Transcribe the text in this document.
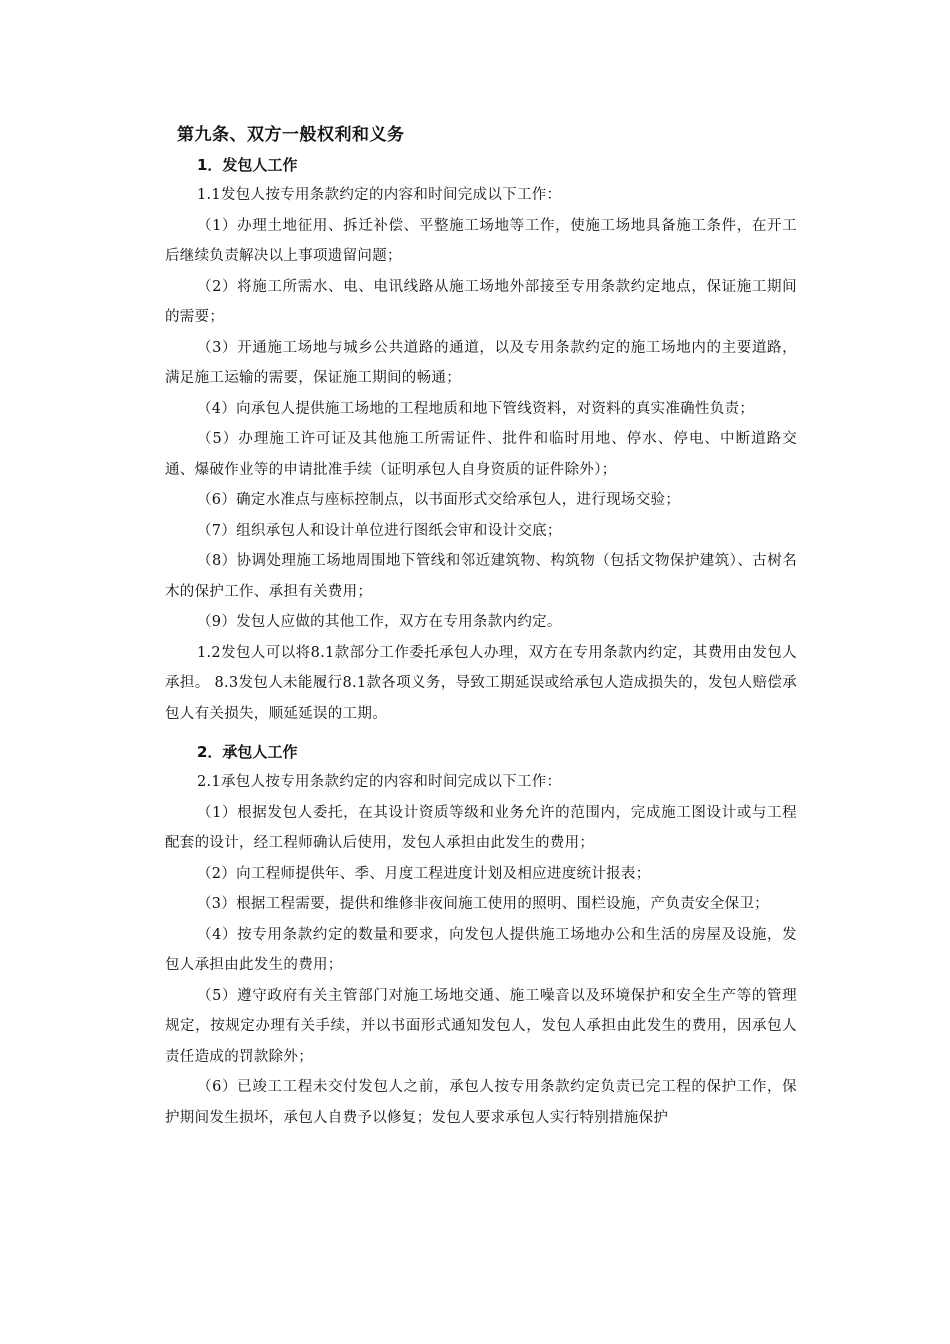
第九条、双方一般权利和义务
1．发包人工作

1.1发包人按专用条款约定的内容和时间完成以下工作：

（1）办理土地征用、拆迁补偿、平整施工场地等工作，使施工场地具备施工条件，在开工后继续负责解决以上事项遗留问题；

（2）将施工所需水、电、电讯线路从施工场地外部接至专用条款约定地点，保证施工期间的需要；

（3）开通施工场地与城乡公共道路的通道，以及专用条款约定的施工场地内的主要道路，满足施工运输的需要，保证施工期间的畅通；

（4）向承包人提供施工场地的工程地质和地下管线资料，对资料的真实准确性负责；

（5）办理施工许可证及其他施工所需证件、批件和临时用地、停水、停电、中断道路交通、爆破作业等的申请批准手续（证明承包人自身资质的证件除外）；

（6）确定水准点与座标控制点，以书面形式交给承包人，进行现场交验；

（7）组织承包人和设计单位进行图纸会审和设计交底；

（8）协调处理施工场地周围地下管线和邻近建筑物、构筑物（包括文物保护建筑）、古树名木的保护工作、承担有关费用；

（9）发包人应做的其他工作，双方在专用条款内约定。

1.2发包人可以将8.1款部分工作委托承包人办理，双方在专用条款内约定，其费用由发包人承担。 8.3发包人未能履行8.1款各项义务，导致工期延误或给承包人造成损失的，发包人赔偿承包人有关损失，顺延延误的工期。

2．承包人工作

2.1承包人按专用条款约定的内容和时间完成以下工作：

（1）根据发包人委托，在其设计资质等级和业务允许的范围内，完成施工图设计或与工程配套的设计，经工程师确认后使用，发包人承担由此发生的费用；

（2）向工程师提供年、季、月度工程进度计划及相应进度统计报表；

（3）根据工程需要，提供和维修非夜间施工使用的照明、围栏设施，产负责安全保卫；

（4）按专用条款约定的数量和要求，向发包人提供施工场地办公和生活的房屋及设施，发包人承担由此发生的费用；

（5）遵守政府有关主管部门对施工场地交通、施工噪音以及环境保护和安全生产等的管理规定，按规定办理有关手续，并以书面形式通知发包人，发包人承担由此发生的费用，因承包人责任造成的罚款除外；

（6）已竣工工程未交付发包人之前，承包人按专用条款约定负责已完工程的保护工作，保护期间发生损坏，承包人自费予以修复；发包人要求承包人实行特别措施保护
